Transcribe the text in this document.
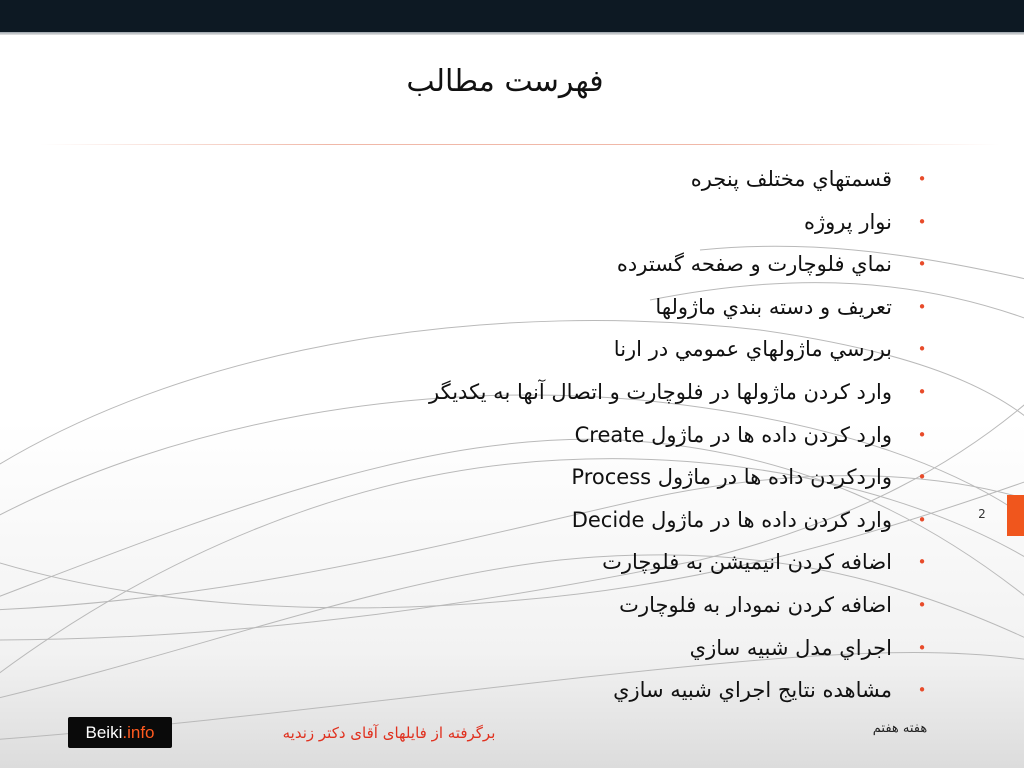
فهرست مطالب
•
قسمتهاي مختلف پنجره
•
نوار پروژه
•
نماي فلوچارت و صفحه گسترده
•
تعريف و دسته بندي ماژولها
•
بررسي ماژولهاي عمومي در ارنا
•
وارد كردن ماژولها در فلوچارت و اتصال آنها به يكديگر
•
وارد كردن داده ها در ماژول Create
•
واردكردن داده ها در ماژول Process
•
وارد كردن داده ها در ماژول Decide
•
اضافه كردن انيميشن به فلوچارت
•
اضافه كردن نمودار به فلوچارت
•
اجراي مدل شبيه سازي
•
مشاهده نتايج اجراي شبيه سازي
2
Beiki.info	برگرفته از فایلهای آقای دکتر زندیه	هفته هفتم
